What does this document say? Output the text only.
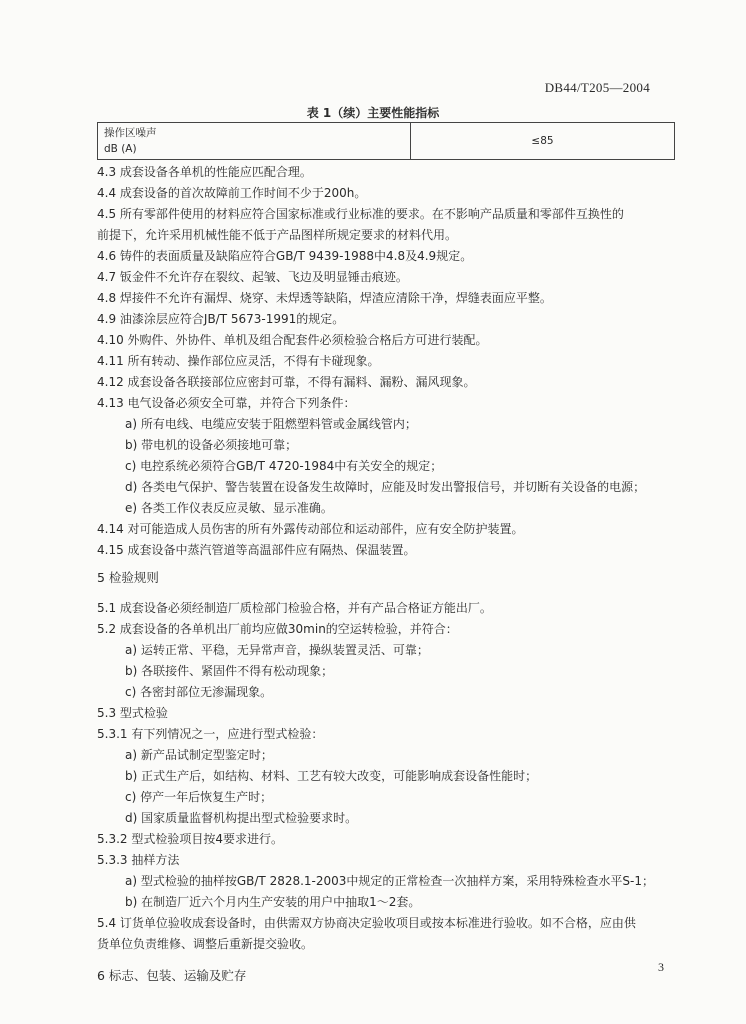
DB44/T205—2004
表 1（续）主要性能指标
操作区噪声
dB (A)
	≤85
4.3 成套设备各单机的性能应匹配合理。
4.4 成套设备的首次故障前工作时间不少于200h。
4.5 所有零部件使用的材料应符合国家标准或行业标准的要求。在不影响产品质量和零部件互换性的
前提下，允许采用机械性能不低于产品图样所规定要求的材料代用。
4.6 铸件的表面质量及缺陷应符合GB/T 9439-1988中4.8及4.9规定。
4.7 钣金件不允许存在裂纹、起皱、飞边及明显锤击痕迹。
4.8 焊接件不允许有漏焊、烧穿、未焊透等缺陷，焊渣应清除干净，焊缝表面应平整。
4.9 油漆涂层应符合JB/T 5673-1991的规定。
4.10 外购件、外协件、单机及组合配套件必须检验合格后方可进行装配。
4.11 所有转动、操作部位应灵活，不得有卡碰现象。
4.12 成套设备各联接部位应密封可靠，不得有漏料、漏粉、漏风现象。
4.13 电气设备必须安全可靠，并符合下列条件：
a) 所有电线、电缆应安装于阻燃塑料管或金属线管内；
b) 带电机的设备必须接地可靠；
c) 电控系统必须符合GB/T 4720-1984中有关安全的规定；
d) 各类电气保护、警告装置在设备发生故障时，应能及时发出警报信号，并切断有关设备的电源；
e) 各类工作仪表反应灵敏、显示准确。
4.14 对可能造成人员伤害的所有外露传动部位和运动部件，应有安全防护装置。
4.15 成套设备中蒸汽管道等高温部件应有隔热、保温装置。
5 检验规则
5.1 成套设备必须经制造厂质检部门检验合格，并有产品合格证方能出厂。
5.2 成套设备的各单机出厂前均应做30min的空运转检验，并符合：
a) 运转正常、平稳，无异常声音，操纵装置灵活、可靠；
b) 各联接件、紧固件不得有松动现象；
c) 各密封部位无渗漏现象。
5.3 型式检验
5.3.1 有下列情况之一，应进行型式检验：
a) 新产品试制定型鉴定时；
b) 正式生产后，如结构、材料、工艺有较大改变，可能影响成套设备性能时；
c) 停产一年后恢复生产时；
d) 国家质量监督机构提出型式检验要求时。
5.3.2 型式检验项目按4要求进行。
5.3.3 抽样方法
a) 型式检验的抽样按GB/T 2828.1-2003中规定的正常检查一次抽样方案，采用特殊检查水平S-1；
b) 在制造厂近六个月内生产安装的用户中抽取1～2套。
5.4 订货单位验收成套设备时，由供需双方协商决定验收项目或按本标准进行验收。如不合格，应由供
货单位负责维修、调整后重新提交验收。
6 标志、包装、运输及贮存
3
